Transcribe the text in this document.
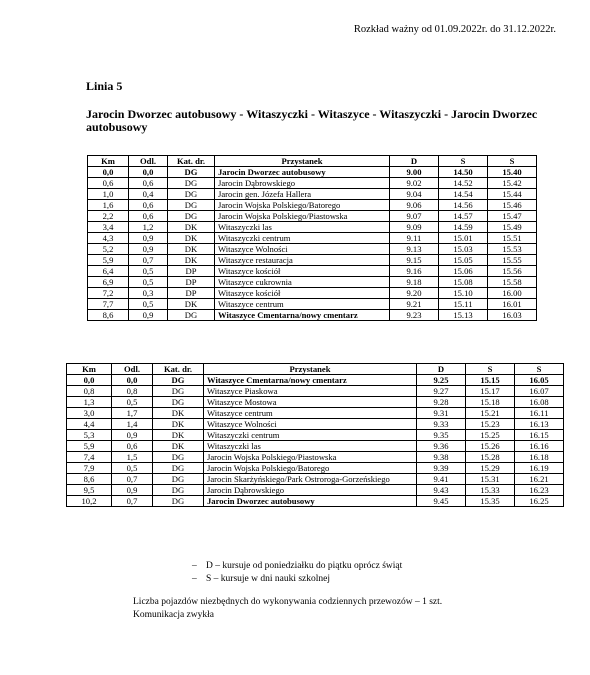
Rozkład ważny od 01.09.2022r. do 31.12.2022r.
Linia 5
Jarocin Dworzec autobusowy - Witaszyczki - Witaszyce - Witaszyczki - Jarocin Dworzec autobusowy
Km	Odl.	Kat. dr.	Przystanek	D	S	S
0,0	0,0	DG	Jarocin Dworzec autobusowy	9.00	14.50	15.40
0,6	0,6	DG	Jarocin Dąbrowskiego	9.02	14.52	15.42
1,0	0,4	DG	Jarocin gen. Józefa Hallera	9.04	14.54	15.44
1,6	0,6	DG	Jarocin Wojska Polskiego/Batorego	9.06	14.56	15.46
2,2	0,6	DG	Jarocin Wojska Polskiego/Piastowska	9.07	14.57	15.47
3,4	1,2	DK	Witaszyczki las	9.09	14.59	15.49
4,3	0,9	DK	Witaszyczki centrum	9.11	15.01	15.51
5,2	0,9	DK	Witaszyce Wolności	9.13	15.03	15.53
5,9	0,7	DK	Witaszyce restauracja	9.15	15.05	15.55
6,4	0,5	DP	Witaszyce kościół	9.16	15.06	15.56
6,9	0,5	DP	Witaszyce cukrownia	9.18	15.08	15.58
7,2	0,3	DP	Witaszyce kościół	9.20	15.10	16.00
7,7	0,5	DK	Witaszyce centrum	9.21	15.11	16.01
8,6	0,9	DG	Witaszyce Cmentarna/nowy cmentarz	9.23	15.13	16.03
Km	Odl.	Kat. dr.	Przystanek	D	S	S
0,0	0,0	DG	Witaszyce Cmentarna/nowy cmentarz	9.25	15.15	16.05
0,8	0,8	DG	Witaszyce Piaskowa	9.27	15.17	16.07
1,3	0,5	DG	Witaszyce Mostowa	9.28	15.18	16.08
3,0	1,7	DK	Witaszyce centrum	9.31	15.21	16.11
4,4	1,4	DK	Witaszyce Wolności	9.33	15.23	16.13
5,3	0,9	DK	Witaszyczki centrum	9.35	15.25	16.15
5,9	0,6	DK	Witaszyczki las	9.36	15.26	16.16
7,4	1,5	DG	Jarocin Wojska Polskiego/Piastowska	9.38	15.28	16.18
7,9	0,5	DG	Jarocin Wojska Polskiego/Batorego	9.39	15.29	16.19
8,6	0,7	DG	Jarocin Skarżyńskiego/Park Ostroroga-Gorzeńskiego	9.41	15.31	16.21
9,5	0,9	DG	Jarocin Dąbrowskiego	9.43	15.33	16.23
10,2	0,7	DG	Jarocin Dworzec autobusowy	9.45	15.35	16.25
– D – kursuje od poniedziałku do piątku oprócz świąt
– S – kursuje w dni nauki szkolnej
Liczba pojazdów niezbędnych do wykonywania codziennych przewozów – 1 szt.
Komunikacja zwykła
